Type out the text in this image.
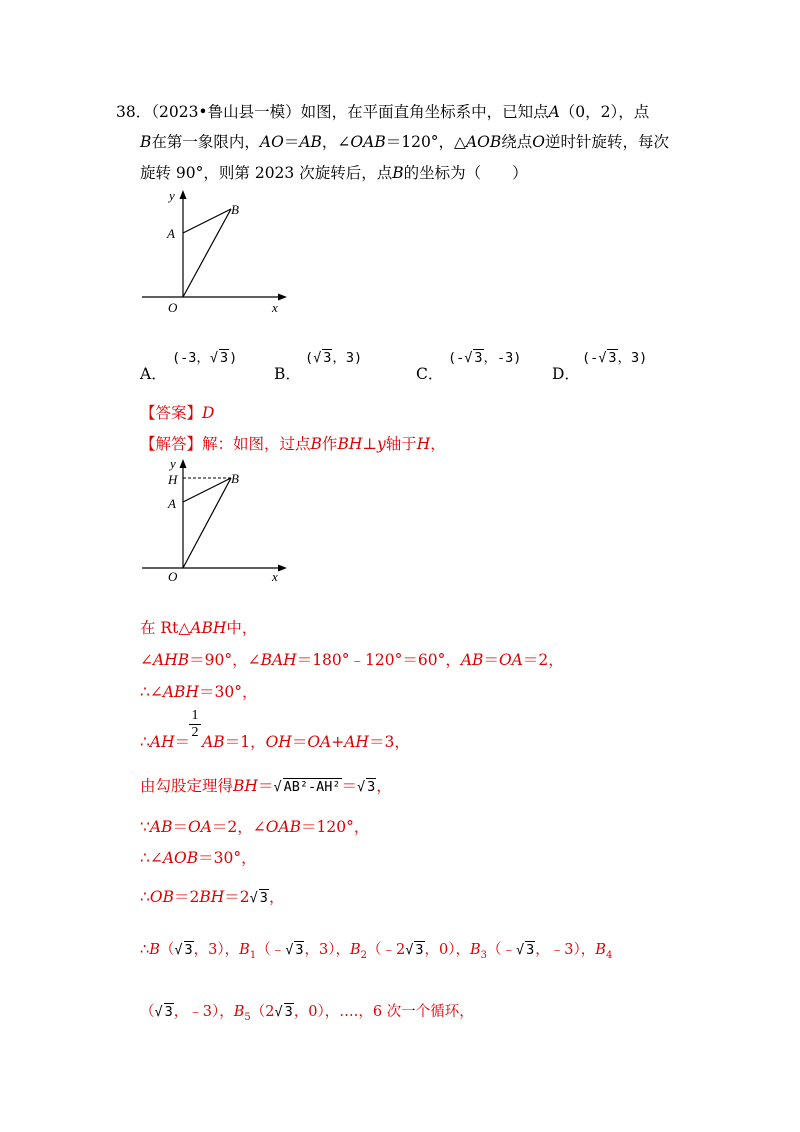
38．（2023•鲁山县一模）如图，在平面直角坐标系中，已知点A（0，2），点
B在第一象限内，AO＝AB，∠OAB＝120°，△AOB绕点O逆时针旋转，每次
旋转 90°，则第 2023 次旋转后，点B的坐标为（　　）
y
A
B
O	x
A．
(-3，√ 3)
B．
(√ 3，3)
C．
(-√ 3，-3)
D．
(-√ 3，3)
【答案】D
【解答】解：如图，过点B作BH⊥y轴于H，
y
H
A
B
O	x
在 Rt△ABH中，
∠AHB＝90°，∠BAH＝180°﹣120°＝60°，AB＝OA＝2，
∴∠ABH＝30°，
1
2
∴AH＝ AB＝1，OH＝OA+AH＝3，
由勾股定理得BH＝√ AB²-AH²＝√ 3，
∵AB＝OA＝2，∠OAB＝120°，
∴∠AOB＝30°，
∴OB＝2BH＝2√ 3，
∴B（√ 3，3），$B_1(﹣√$ 3，3），$B_2(﹣2√$ 3，0），$B_3(﹣√$ 3，﹣3），$B_4$
（√ 3，﹣3），$B_5(2√$ 3，0），….，6 次一个循环，
